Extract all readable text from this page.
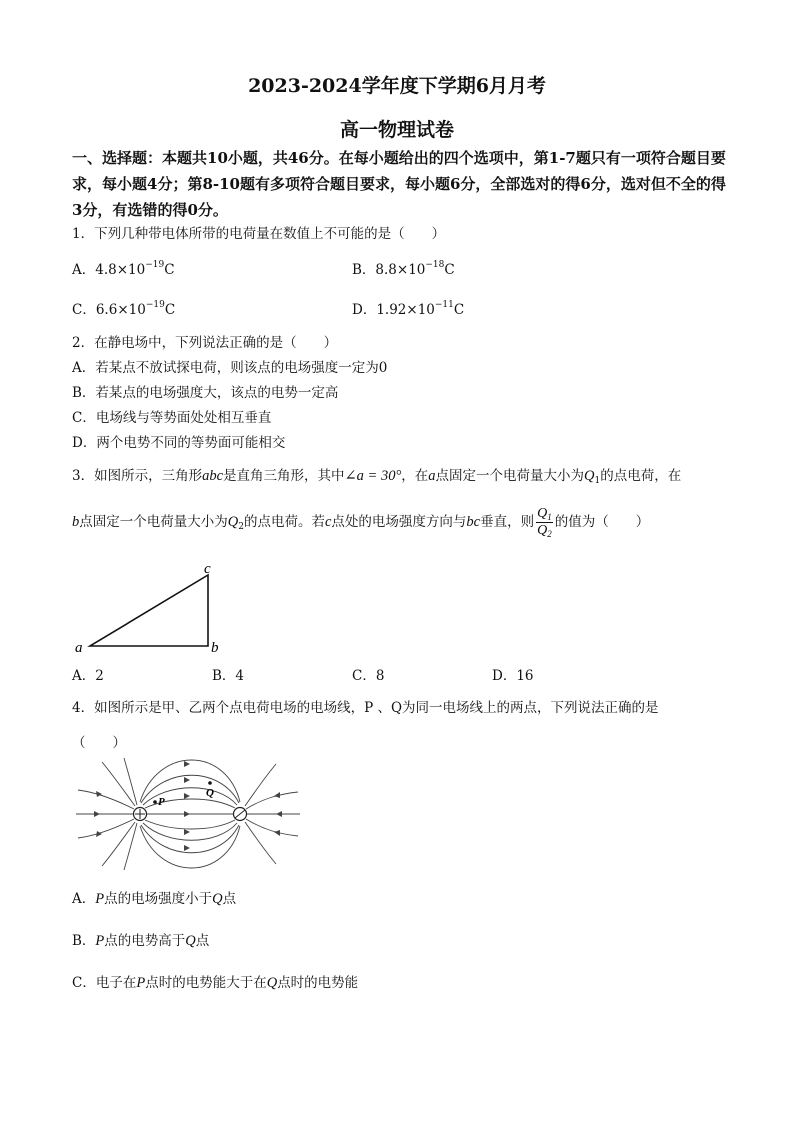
2023-2024学年度下学期6月月考
高一物理试卷
一、选择题：本题共10小题，共46分。在每小题给出的四个选项中，第1-7题只有一项符合题目要求，每小题4分；第8-10题有多项符合题目要求，每小题6分，全部选对的得6分，选对但不全的得3分，有选错的得0分。
1．下列几种带电体所带的电荷量在数值上不可能的是（　　）
A．$4.8\times 10^{-19}C$	B．$8.8\times 10^{-18}C$
C．$6.6\times 10^{-19}C$	D．$1.92\times 10^{-11}C$
2．在静电场中，下列说法正确的是（　　）
A．若某点不放试探电荷，则该点的电场强度一定为0
B．若某点的电场强度大，该点的电势一定高
C．电场线与等势面处处相互垂直
D．两个电势不同的等势面可能相交
3．如图所示，三角形abc是直角三角形，其中∠a = 30°，在a点固定一个电荷量大小为$Q_1$的点电荷，在
b点固定一个电荷量大小为$Q_2$的点电荷。若c点处的电场强度方向与bc垂直，则 $\frac{Q_1}{Q_2}$ 的值为（　　）
a	b
c
A．2	B．4	C．8	D．16
4．如图所示是甲、乙两个点电荷电场的电场线，P 、Q为同一电场线上的两点，下列说法正确的是
（　　）
P
Q
A．P点的电场强度小于Q点
B．P点的电势高于Q点
C．电子在P点时的电势能大于在Q点时的电势能
